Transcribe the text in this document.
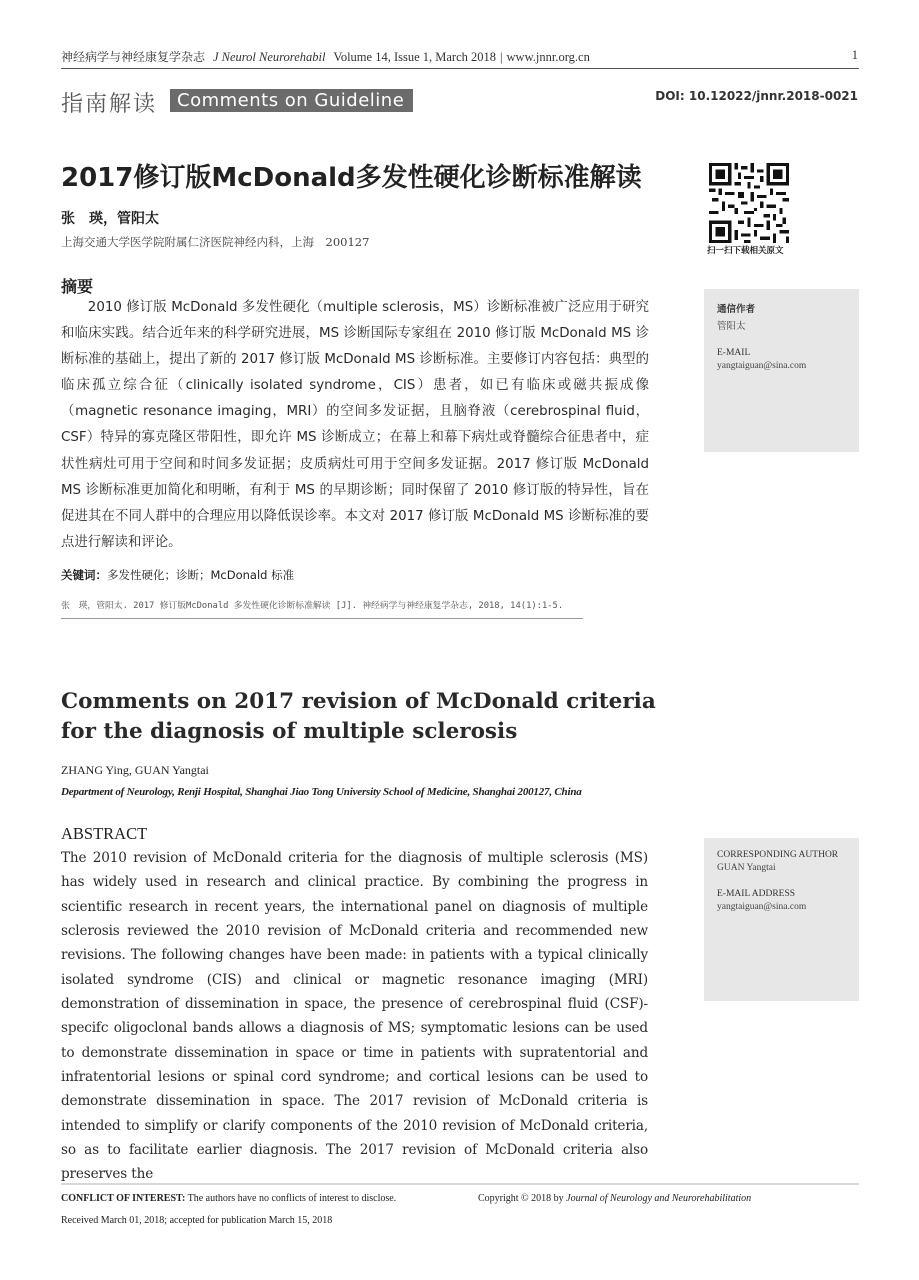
神经病学与神经康复学杂志 J Neurol Neurorehabil Volume 14, Issue 1, March 2018 | www.jnnr.org.cn	1
指南解读	Comments on Guideline	DOI: 10.12022/jnnr.2018-0021
2017修订版McDonald多发性硬化诊断标准解读
张　瑛，管阳太
上海交通大学医学院附属仁济医院神经内科，上海　200127
扫一扫下载相关原文
摘要
2010 修订版 McDonald 多发性硬化（multiple sclerosis，MS）诊断标准被广泛应用于研究和临床实践。结合近年来的科学研究进展，MS 诊断国际专家组在 2010 修订版 McDonald MS 诊断标准的基础上，提出了新的 2017 修订版 McDonald MS 诊断标准。主要修订内容包括：典型的临床孤立综合征（clinically isolated syndrome，CIS）患者，如已有临床或磁共振成像（magnetic resonance imaging，MRI）的空间多发证据，且脑脊液（cerebrospinal fluid，CSF）特异的寡克隆区带阳性，即允许 MS 诊断成立；在幕上和幕下病灶或脊髓综合征患者中，症状性病灶可用于空间和时间多发证据；皮质病灶可用于空间多发证据。2017 修订版 McDonald MS 诊断标准更加简化和明晰，有利于 MS 的早期诊断；同时保留了 2010 修订版的特异性，旨在促进其在不同人群中的合理应用以降低误诊率。本文对 2017 修订版 McDonald MS 诊断标准的要点进行解读和评论。
关键词：多发性硬化；诊断；McDonald 标准
张　瑛，管阳太. 2017 修订版McDonald 多发性硬化诊断标准解读 [J]. 神经病学与神经康复学杂志, 2018, 14(1):1-5.
通信作者
管阳太
E-MAIL
yangtaiguan@sina.com
Comments on 2017 revision of McDonald criteria for the diagnosis of multiple sclerosis
ZHANG Ying, GUAN Yangtai
Department of Neurology, Renji Hospital, Shanghai Jiao Tong University School of Medicine, Shanghai 200127, China
ABSTRACT
The 2010 revision of McDonald criteria for the diagnosis of multiple sclerosis (MS) has widely used in research and clinical practice. By combining the progress in scientific research in recent years, the international panel on diagnosis of multiple sclerosis reviewed the 2010 revision of McDonald criteria and recommended new revisions. The following changes have been made: in patients with a typical clinically isolated syndrome (CIS) and clinical or magnetic resonance imaging (MRI) demonstration of dissemination in space, the presence of cerebrospinal fluid (CSF)-specifc oligoclonal bands allows a diagnosis of MS; symptomatic lesions can be used to demonstrate dissemination in space or time in patients with supratentorial and infratentorial lesions or spinal cord syndrome; and cortical lesions can be used to demonstrate dissemination in space. The 2017 revision of McDonald criteria is intended to simplify or clarify components of the 2010 revision of McDonald criteria, so as to facilitate earlier diagnosis. The 2017 revision of McDonald criteria also preserves the
CORRESPONDING AUTHOR
GUAN Yangtai
E-MAIL ADDRESS
yangtaiguan@sina.com
CONFLICT OF INTEREST: The authors have no conflicts of interest to disclose.	Copyright © 2018 by Journal of Neurology and Neurorehabilitation
Received March 01, 2018; accepted for publication March 15, 2018
